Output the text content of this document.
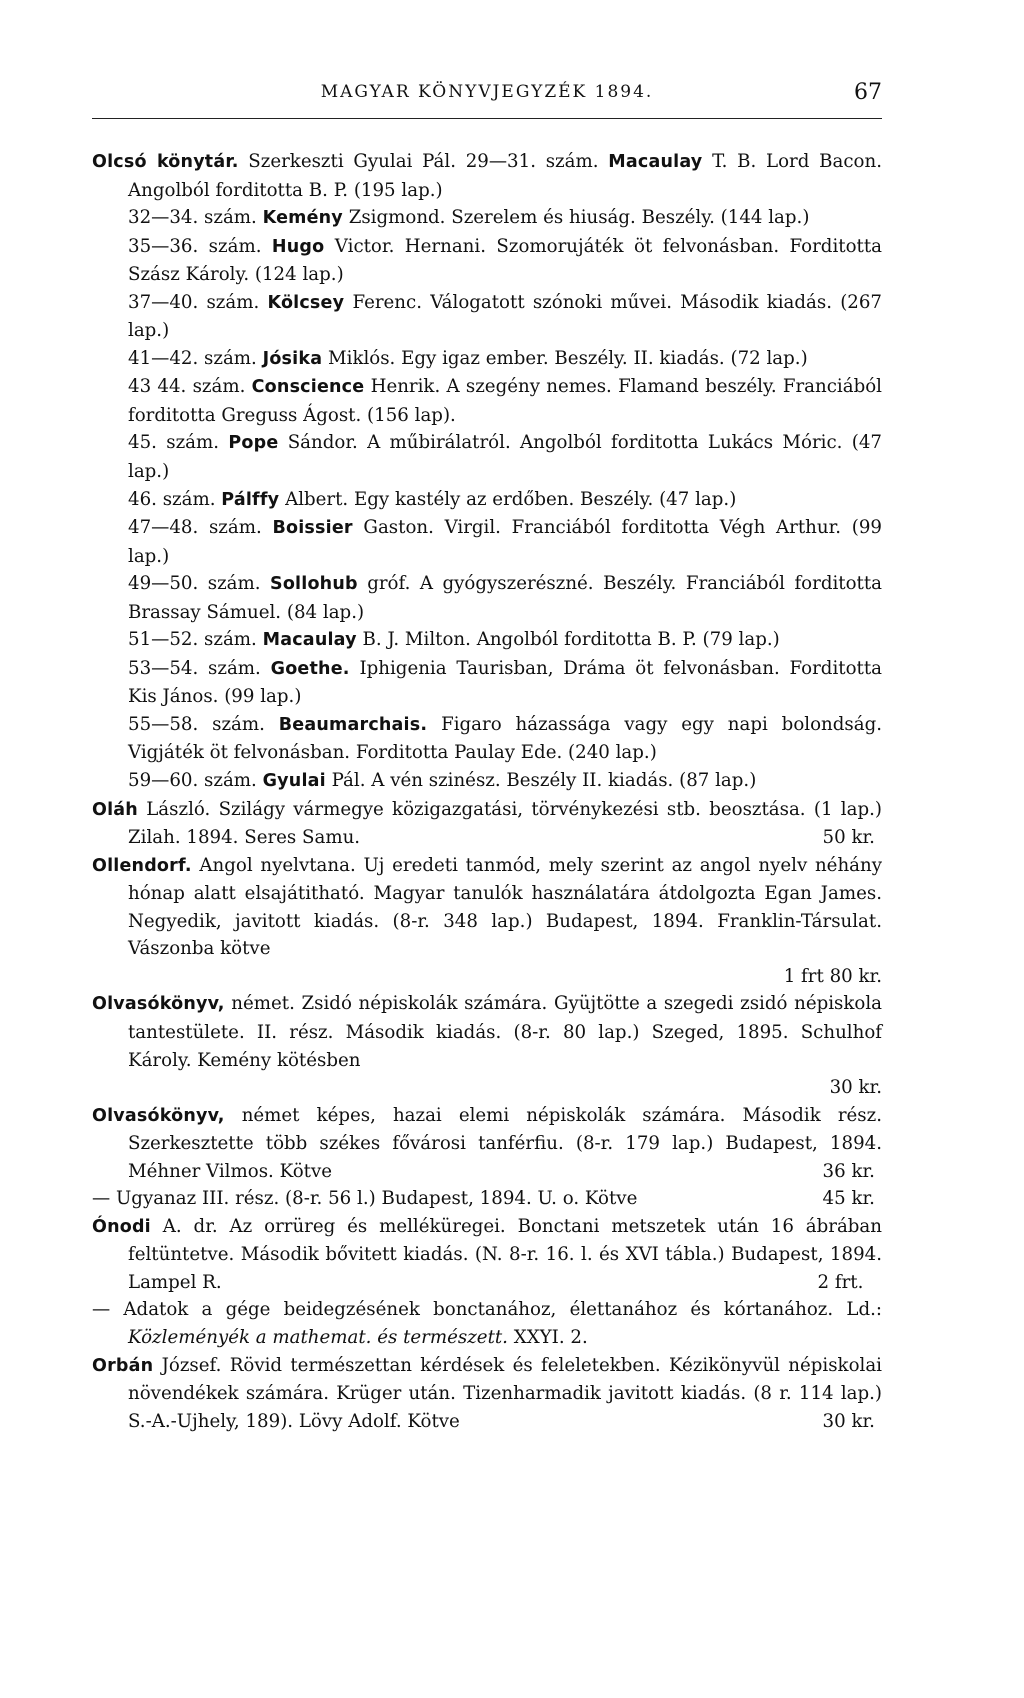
MAGYAR KÖNYVJEGYZÉK 1894.	67

Olcsó könytár. Szerkeszti Gyulai Pál. 29—31. szám. Macaulay T. B. Lord Bacon. Angolból forditotta B. P. (195 lap.)

32—34. szám. Kemény Zsigmond. Szerelem és hiuság. Beszély. (144 lap.)

35—36. szám. Hugo Victor. Hernani. Szomorujáték öt felvonásban. Forditotta Szász Károly. (124 lap.)

37—40. szám. Kölcsey Ferenc. Válogatott szónoki művei. Második kiadás. (267 lap.)

41—42. szám. Jósika Miklós. Egy igaz ember. Beszély. II. kiadás. (72 lap.)

43 44. szám. Conscience Henrik. A szegény nemes. Flamand beszély. Franciából forditotta Greguss Ágost. (156 lap).

45. szám. Pope Sándor. A műbirálatról. Angolból forditotta Lukács Móric. (47 lap.)

46. szám. Pálffy Albert. Egy kastély az erdőben. Beszély. (47 lap.)

47—48. szám. Boissier Gaston. Virgil. Franciából forditotta Végh Arthur. (99 lap.)

49—50. szám. Sollohub gróf. A gyógyszerészné. Beszély. Franciából forditotta Brassay Sámuel. (84 lap.)

51—52. szám. Macaulay B. J. Milton. Angolból forditotta B. P. (79 lap.)

53—54. szám. Goethe. Iphigenia Taurisban, Dráma öt felvonásban. Forditotta Kis János. (99 lap.)

55—58. szám. Beaumarchais. Figaro házassága vagy egy napi bolondság. Vigjáték öt felvonásban. Forditotta Paulay Ede. (240 lap.)

59—60. szám. Gyulai Pál. A vén szinész. Beszély II. kiadás. (87 lap.)

Oláh László. Szilágy vármegye közigazgatási, törvénykezési stb. beosztása. (1 lap.) Zilah. 1894. Seres Samu.	50 kr.

Ollendorf. Angol nyelvtana. Uj eredeti tanmód, mely szerint az angol nyelv néhány hónap alatt elsajátitható. Magyar tanulók használatára átdolgozta Egan James. Negyedik, javitott kiadás. (8-r. 348 lap.) Budapest, 1894. Franklin-Társulat. Vászonba kötve
1 frt 80 kr.

Olvasókönyv, német. Zsidó népiskolák számára. Gyüjtötte a szegedi zsidó népiskola tantestülete. II. rész. Második kiadás. (8-r. 80 lap.) Szeged, 1895. Schulhof Károly. Kemény kötésben
30 kr.

Olvasókönyv, német képes, hazai elemi népiskolák számára. Második rész. Szerkesztette több székes fővárosi tanférfiu. (8-r. 179 lap.) Budapest, 1894. Méhner Vilmos. Kötve	36 kr.

— Ugyanaz III. rész. (8-r. 56 l.) Budapest, 1894. U. o. Kötve	45 kr.

Ónodi A. dr. Az orrüreg és melléküregei. Bonctani metszetek után 16 ábrában feltüntetve. Második bővitett kiadás. (N. 8-r. 16. l. és XVI tábla.) Budapest, 1894. Lampel R.	2 frt.

— Adatok a gége beidegzésének bonctanához, élettanához és kórtanához. Ld.: Közleményék a mathemat. és természett. XXYI. 2.

Orbán József. Rövid természettan kérdések és feleletekben. Kézikönyvül népiskolai növendékek számára. Krüger után. Tizenharmadik javitott kiadás. (8 r. 114 lap.) S.-A.-Ujhely, 189). Lövy Adolf. Kötve	30 kr.
